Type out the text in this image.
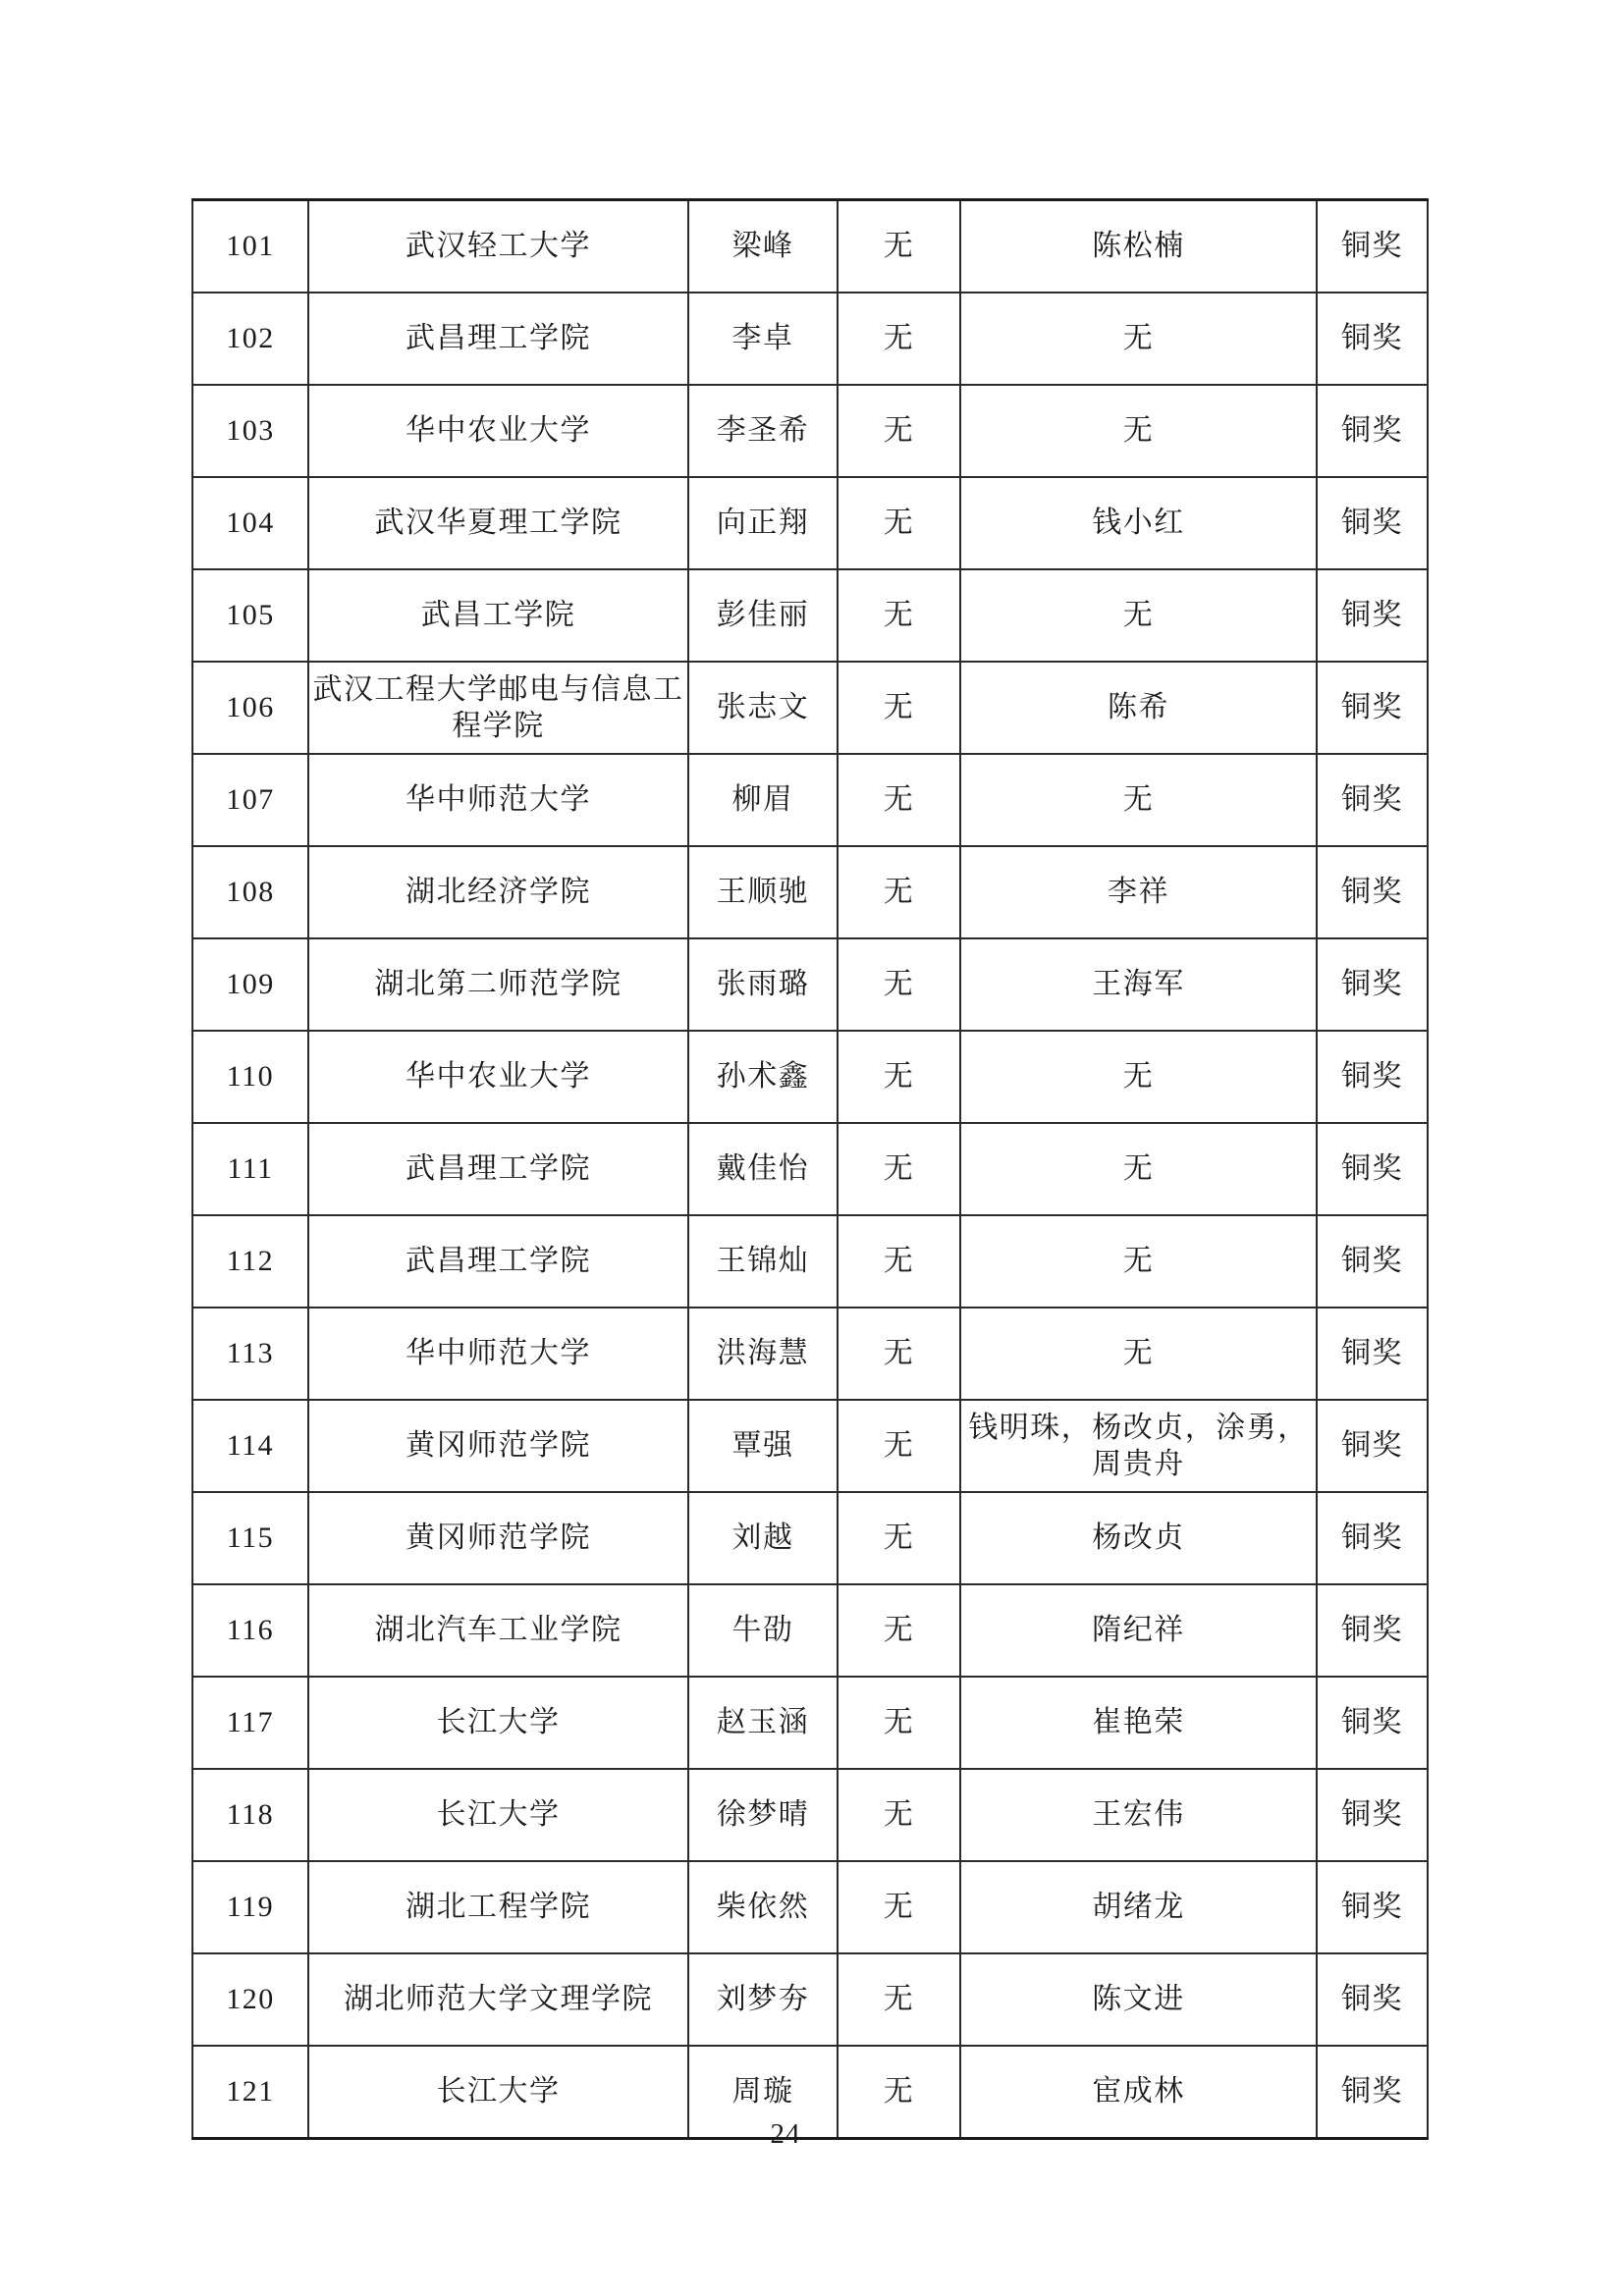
101	武汉轻工大学	梁峰	无	陈松楠	铜奖
102	武昌理工学院	李卓	无	无	铜奖
103	华中农业大学	李圣希	无	无	铜奖
104	武汉华夏理工学院	向正翔	无	钱小红	铜奖
105	武昌工学院	彭佳丽	无	无	铜奖
106	武汉工程大学邮电与信息工程学院	张志文	无	陈希	铜奖
107	华中师范大学	柳眉	无	无	铜奖
108	湖北经济学院	王顺驰	无	李祥	铜奖
109	湖北第二师范学院	张雨璐	无	王海军	铜奖
110	华中农业大学	孙术鑫	无	无	铜奖
111	武昌理工学院	戴佳怡	无	无	铜奖
112	武昌理工学院	王锦灿	无	无	铜奖
113	华中师范大学	洪海慧	无	无	铜奖
114	黄冈师范学院	覃强	无	钱明珠，杨改贞，涂勇，周贵舟	铜奖
115	黄冈师范学院	刘越	无	杨改贞	铜奖
116	湖北汽车工业学院	牛劭	无	隋纪祥	铜奖
117	长江大学	赵玉涵	无	崔艳荣	铜奖
118	长江大学	徐梦晴	无	王宏伟	铜奖
119	湖北工程学院	柴依然	无	胡绪龙	铜奖
120	湖北师范大学文理学院	刘梦夯	无	陈文进	铜奖
121	长江大学	周璇	无	宦成林	铜奖
24
